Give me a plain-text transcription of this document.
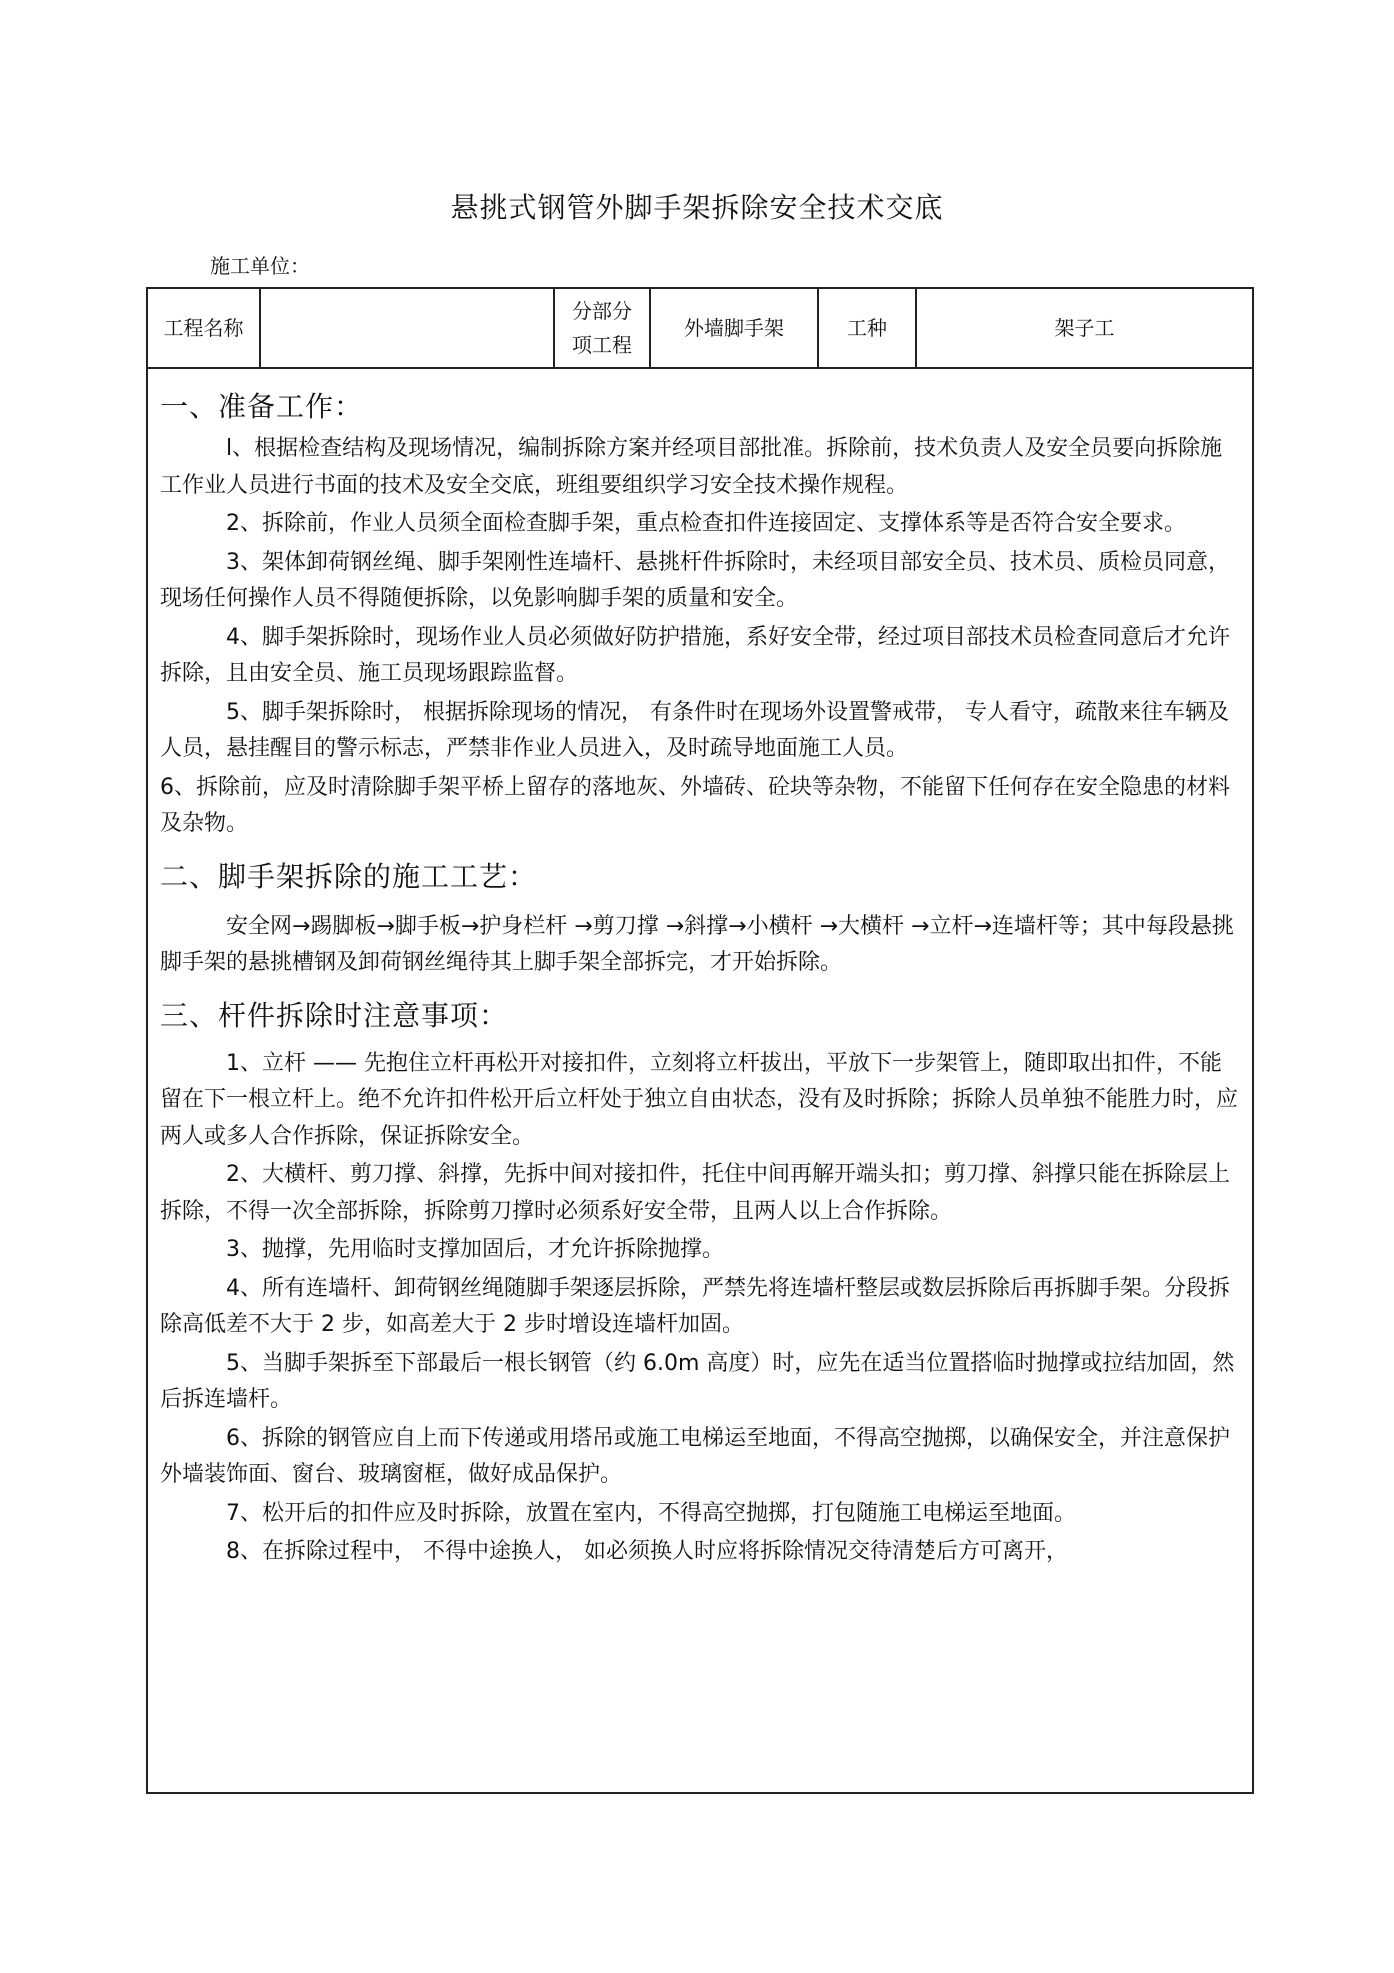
悬挑式钢管外脚手架拆除安全技术交底
施工单位：
工程名称		分部分项工程	外墙脚手架	工种	架子工
一、准备工作：

l、根据检查结构及现场情况，编制拆除方案并经项目部批准。拆除前，技术负责人及安全员要向拆除施工作业人员进行书面的技术及安全交底，班组要组织学习安全技术操作规程。

2、拆除前，作业人员须全面检查脚手架，重点检查扣件连接固定、支撑体系等是否符合安全要求。

3、架体卸荷钢丝绳、脚手架刚性连墙杆、悬挑杆件拆除时，未经项目部安全员、技术员、质检员同意，现场任何操作人员不得随便拆除，以免影响脚手架的质量和安全。

4、脚手架拆除时，现场作业人员必须做好防护措施，系好安全带，经过项目部技术员检查同意后才允许拆除，且由安全员、施工员现场跟踪监督。

5、脚手架拆除时， 根据拆除现场的情况， 有条件时在现场外设置警戒带， 专人看守，疏散来往车辆及人员，悬挂醒目的警示标志，严禁非作业人员进入，及时疏导地面施工人员。

6、拆除前，应及时清除脚手架平桥上留存的落地灰、外墙砖、砼块等杂物，不能留下任何存在安全隐患的材料及杂物。

二、脚手架拆除的施工工艺：

安全网→踢脚板→脚手板→护身栏杆 →剪刀撑 →斜撑→小横杆 →大横杆 →立杆→连墙杆等；其中每段悬挑脚手架的悬挑槽钢及卸荷钢丝绳待其上脚手架全部拆完，才开始拆除。

三、杆件拆除时注意事项：

1、立杆 —— 先抱住立杆再松开对接扣件，立刻将立杆拔出，平放下一步架管上，随即取出扣件，不能留在下一根立杆上。绝不允许扣件松开后立杆处于独立自由状态，没有及时拆除；拆除人员单独不能胜力时，应两人或多人合作拆除，保证拆除安全。

2、大横杆、剪刀撑、斜撑，先拆中间对接扣件，托住中间再解开端头扣；剪刀撑、斜撑只能在拆除层上拆除，不得一次全部拆除，拆除剪刀撑时必须系好安全带，且两人以上合作拆除。

3、抛撑，先用临时支撑加固后，才允许拆除抛撑。

4、所有连墙杆、卸荷钢丝绳随脚手架逐层拆除，严禁先将连墙杆整层或数层拆除后再拆脚手架。分段拆除高低差不大于 2 步，如高差大于 2 步时增设连墙杆加固。

5、当脚手架拆至下部最后一根长钢管（约 6.0m 高度）时，应先在适当位置搭临时抛撑或拉结加固，然后拆连墙杆。

6、拆除的钢管应自上而下传递或用塔吊或施工电梯运至地面，不得高空抛掷，以确保安全，并注意保护外墙装饰面、窗台、玻璃窗框，做好成品保护。

7、松开后的扣件应及时拆除，放置在室内，不得高空抛掷，打包随施工电梯运至地面。

8、在拆除过程中， 不得中途换人， 如必须换人时应将拆除情况交待清楚后方可离开，
